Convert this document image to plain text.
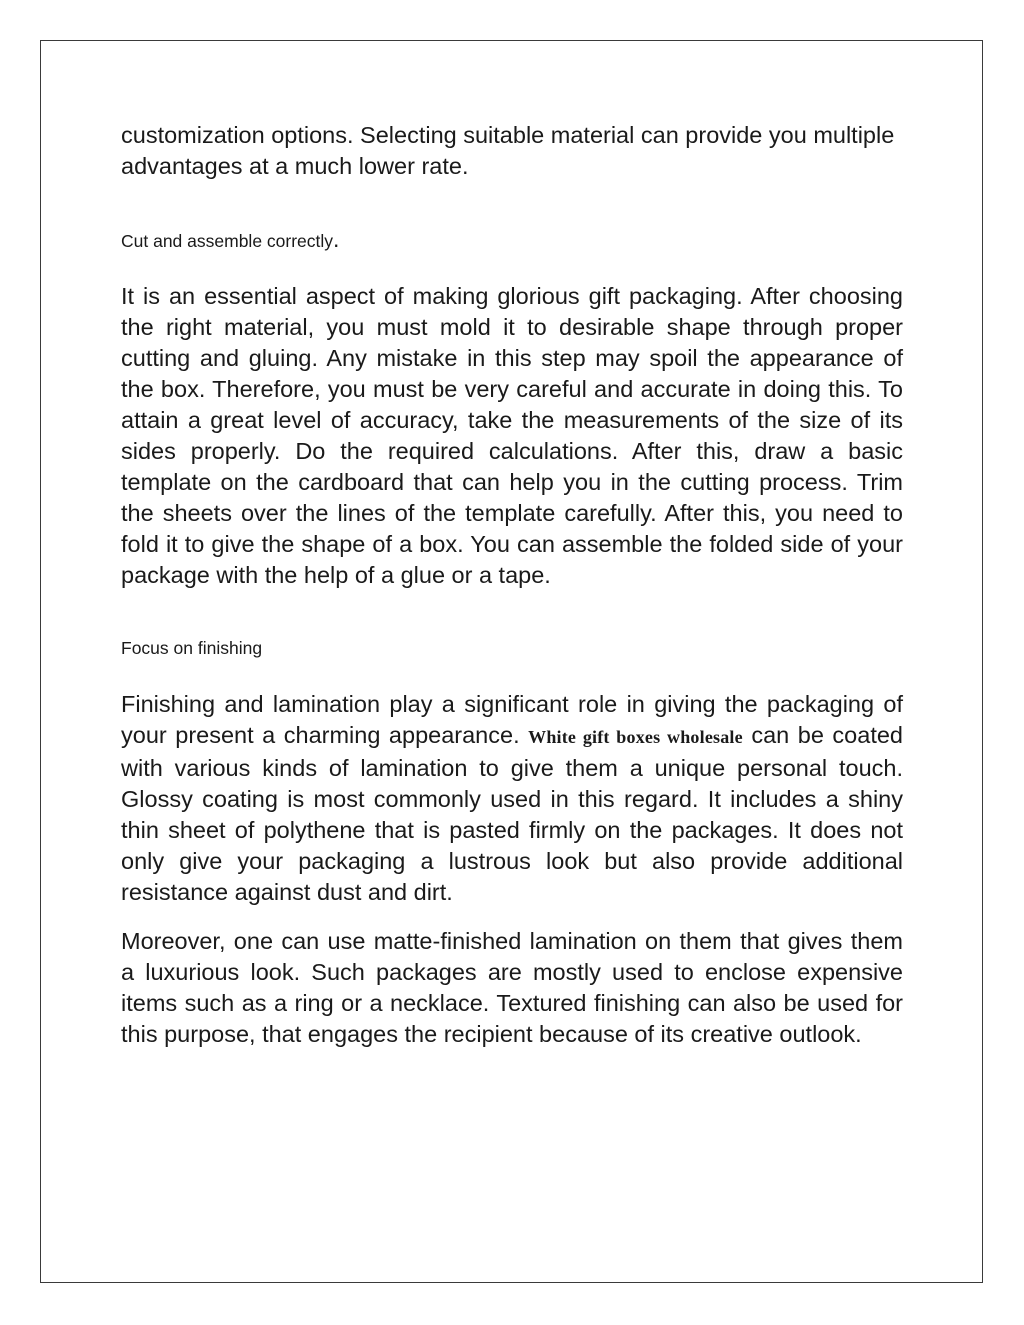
customization options. Selecting suitable material can provide you multiple advantages at a much lower rate.

Cut and assemble correctly.

It is an essential aspect of making glorious gift packaging. After choosing the right material, you must mold it to desirable shape through proper cutting and gluing. Any mistake in this step may spoil the appearance of the box. Therefore, you must be very careful and accurate in doing this. To attain a great level of accuracy, take the measurements of the size of its sides properly. Do the required calculations. After this, draw a basic template on the cardboard that can help you in the cutting process. Trim the sheets over the lines of the template carefully. After this, you need to fold it to give the shape of a box. You can assemble the folded side of your package with the help of a glue or a tape.

Focus on finishing

Finishing and lamination play a significant role in giving the packaging of your present a charming appearance. White gift boxes wholesale can be coated with various kinds of lamination to give them a unique personal touch. Glossy coating is most commonly used in this regard. It includes a shiny thin sheet of polythene that is pasted firmly on the packages. It does not only give your packaging a lustrous look but also provide additional resistance against dust and dirt.

Moreover, one can use matte-finished lamination on them that gives them a luxurious look. Such packages are mostly used to enclose expensive items such as a ring or a necklace. Textured finishing can also be used for this purpose, that engages the recipient because of its creative outlook.
